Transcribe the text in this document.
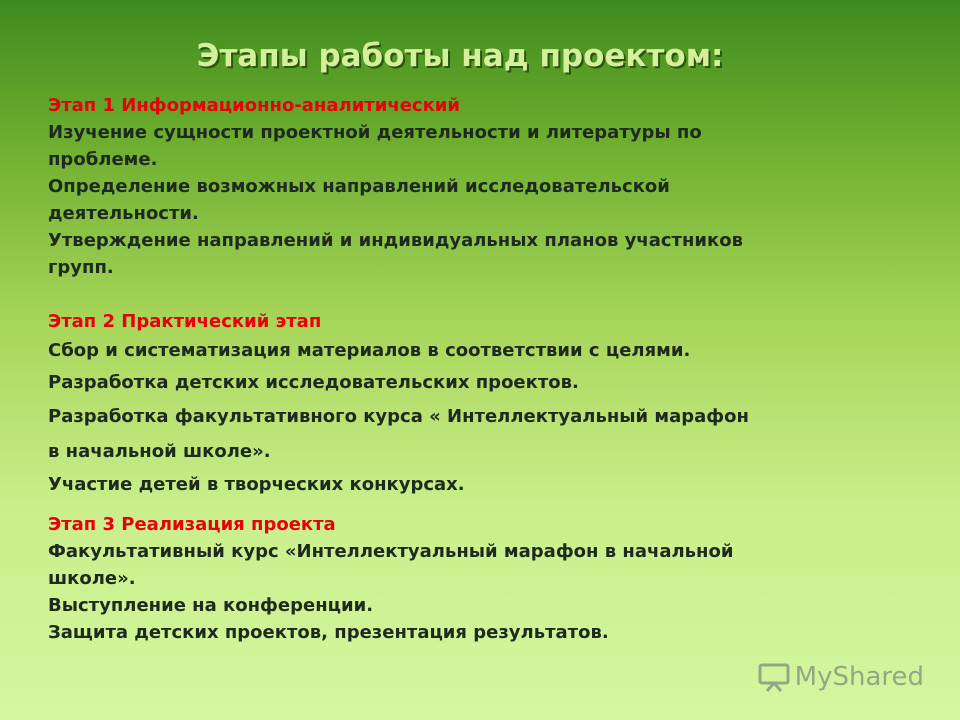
Этапы работы над проектом:

Этап 1 Информационно-аналитический

Изучение сущности проектной деятельности и литературы по

проблеме.

Определение возможных направлений исследовательской

деятельности.

Утверждение направлений и индивидуальных планов участников

групп.

Этап 2 Практический этап

Сбор и систематизация материалов в соответствии с целями.

Разработка детских исследовательских проектов.

Разработка факультативного курса « Интеллектуальный марафон

в начальной школе».

Участие детей в творческих конкурсах.

Этап 3 Реализация проекта

Факультативный курс «Интеллектуальный марафон в начальной

школе».

Выступление на конференции.

Защита детских проектов, презентация результатов.

MyShared
